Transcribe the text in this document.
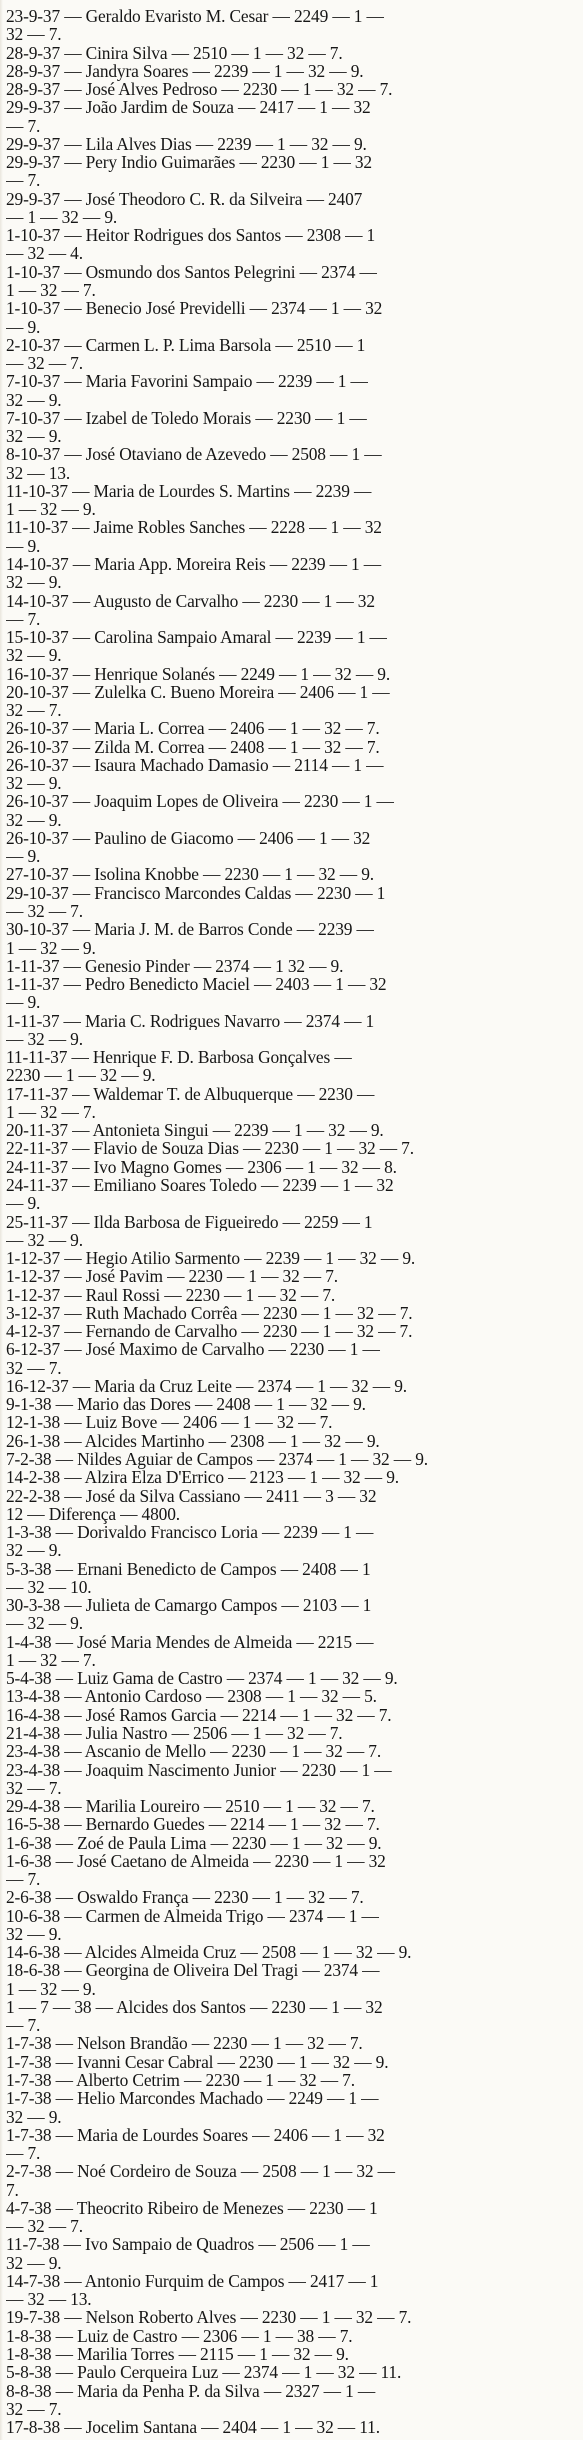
23-9-37 — Geraldo Evaristo M. Cesar — 2249 — 1 —
32 — 7.
28-9-37 — Cinira Silva — 2510 — 1 — 32 — 7.
28-9-37 — Jandyra Soares — 2239 — 1 — 32 — 9.
28-9-37 — José Alves Pedroso — 2230 — 1 — 32 — 7.
29-9-37 — João Jardim de Souza — 2417 — 1 — 32
— 7.
29-9-37 — Lila Alves Dias — 2239 — 1 — 32 — 9.
29-9-37 — Pery Indio Guimarães — 2230 — 1 — 32
— 7.
29-9-37 — José Theodoro C. R. da Silveira — 2407
— 1 — 32 — 9.
1-10-37 — Heitor Rodrigues dos Santos — 2308 — 1
— 32 — 4.
1-10-37 — Osmundo dos Santos Pelegrini — 2374 —
1 — 32 — 7.
1-10-37 — Benecio José Previdelli — 2374 — 1 — 32
— 9.
2-10-37 — Carmen L. P. Lima Barsola — 2510 — 1
— 32 — 7.
7-10-37 — Maria Favorini Sampaio — 2239 — 1 —
32 — 9.
7-10-37 — Izabel de Toledo Morais — 2230 — 1 —
32 — 9.
8-10-37 — José Otaviano de Azevedo — 2508 — 1 —
32 — 13.
11-10-37 — Maria de Lourdes S. Martins — 2239 —
1 — 32 — 9.
11-10-37 — Jaime Robles Sanches — 2228 — 1 — 32
— 9.
14-10-37 — Maria App. Moreira Reis — 2239 — 1 —
32 — 9.
14-10-37 — Augusto de Carvalho — 2230 — 1 — 32
— 7.
15-10-37 — Carolina Sampaio Amaral — 2239 — 1 —
32 — 9.
16-10-37 — Henrique Solanés — 2249 — 1 — 32 — 9.
20-10-37 — Zulelka C. Bueno Moreira — 2406 — 1 —
32 — 7.
26-10-37 — Maria L. Correa — 2406 — 1 — 32 — 7.
26-10-37 — Zilda M. Correa — 2408 — 1 — 32 — 7.
26-10-37 — Isaura Machado Damasio — 2114 — 1 —
32 — 9.
26-10-37 — Joaquim Lopes de Oliveira — 2230 — 1 —
32 — 9.
26-10-37 — Paulino de Giacomo — 2406 — 1 — 32
— 9.
27-10-37 — Isolina Knobbe — 2230 — 1 — 32 — 9.
29-10-37 — Francisco Marcondes Caldas — 2230 — 1
— 32 — 7.
30-10-37 — Maria J. M. de Barros Conde — 2239 —
1 — 32 — 9.
1-11-37 — Genesio Pinder — 2374 — 1 32 — 9.
1-11-37 — Pedro Benedicto Maciel — 2403 — 1 — 32
— 9.
1-11-37 — Maria C. Rodrigues Navarro — 2374 — 1
— 32 — 9.
11-11-37 — Henrique F. D. Barbosa Gonçalves —
2230 — 1 — 32 — 9.
17-11-37 — Waldemar T. de Albuquerque — 2230 —
1 — 32 — 7.
20-11-37 — Antonieta Singui — 2239 — 1 — 32 — 9.
22-11-37 — Flavio de Souza Dias — 2230 — 1 — 32 — 7.
24-11-37 — Ivo Magno Gomes — 2306 — 1 — 32 — 8.
24-11-37 — Emiliano Soares Toledo — 2239 — 1 — 32
— 9.
25-11-37 — Ilda Barbosa de Figueiredo — 2259 — 1
— 32 — 9.
1-12-37 — Hegio Atilio Sarmento — 2239 — 1 — 32 — 9.
1-12-37 — José Pavim — 2230 — 1 — 32 — 7.
1-12-37 — Raul Rossi — 2230 — 1 — 32 — 7.
3-12-37 — Ruth Machado Corrêa — 2230 — 1 — 32 — 7.
4-12-37 — Fernando de Carvalho — 2230 — 1 — 32 — 7.
6-12-37 — José Maximo de Carvalho — 2230 — 1 —
32 — 7.
16-12-37 — Maria da Cruz Leite — 2374 — 1 — 32 — 9.
9-1-38 — Mario das Dores — 2408 — 1 — 32 — 9.
12-1-38 — Luiz Bove — 2406 — 1 — 32 — 7.
26-1-38 — Alcides Martinho — 2308 — 1 — 32 — 9.
7-2-38 — Nildes Aguiar de Campos — 2374 — 1 — 32 — 9.
14-2-38 — Alzira Elza D'Errico — 2123 — 1 — 32 — 9.
22-2-38 — José da Silva Cassiano — 2411 — 3 — 32
12 — Diferença — 4800.
1-3-38 — Dorivaldo Francisco Loria — 2239 — 1 —
32 — 9.
5-3-38 — Ernani Benedicto de Campos — 2408 — 1
— 32 — 10.
30-3-38 — Julieta de Camargo Campos — 2103 — 1
— 32 — 9.
1-4-38 — José Maria Mendes de Almeida — 2215 —
1 — 32 — 7.
5-4-38 — Luiz Gama de Castro — 2374 — 1 — 32 — 9.
13-4-38 — Antonio Cardoso — 2308 — 1 — 32 — 5.
16-4-38 — José Ramos Garcia — 2214 — 1 — 32 — 7.
21-4-38 — Julia Nastro — 2506 — 1 — 32 — 7.
23-4-38 — Ascanio de Mello — 2230 — 1 — 32 — 7.
23-4-38 — Joaquim Nascimento Junior — 2230 — 1 —
32 — 7.
29-4-38 — Marilia Loureiro — 2510 — 1 — 32 — 7.
16-5-38 — Bernardo Guedes — 2214 — 1 — 32 — 7.
1-6-38 — Zoé de Paula Lima — 2230 — 1 — 32 — 9.
1-6-38 — José Caetano de Almeida — 2230 — 1 — 32
— 7.
2-6-38 — Oswaldo França — 2230 — 1 — 32 — 7.
10-6-38 — Carmen de Almeida Trigo — 2374 — 1 —
32 — 9.
14-6-38 — Alcides Almeida Cruz — 2508 — 1 — 32 — 9.
18-6-38 — Georgina de Oliveira Del Tragi — 2374 —
1 — 32 — 9.
1 — 7 — 38 — Alcides dos Santos — 2230 — 1 — 32
— 7.
1-7-38 — Nelson Brandão — 2230 — 1 — 32 — 7.
1-7-38 — Ivanni Cesar Cabral — 2230 — 1 — 32 — 9.
1-7-38 — Alberto Cetrim — 2230 — 1 — 32 — 7.
1-7-38 — Helio Marcondes Machado — 2249 — 1 —
32 — 9.
1-7-38 — Maria de Lourdes Soares — 2406 — 1 — 32
— 7.
2-7-38 — Noé Cordeiro de Souza — 2508 — 1 — 32 —
7.
4-7-38 — Theocrito Ribeiro de Menezes — 2230 — 1
— 32 — 7.
11-7-38 — Ivo Sampaio de Quadros — 2506 — 1 —
32 — 9.
14-7-38 — Antonio Furquim de Campos — 2417 — 1
— 32 — 13.
19-7-38 — Nelson Roberto Alves — 2230 — 1 — 32 — 7.
1-8-38 — Luiz de Castro — 2306 — 1 — 38 — 7.
1-8-38 — Marilia Torres — 2115 — 1 — 32 — 9.
5-8-38 — Paulo Cerqueira Luz — 2374 — 1 — 32 — 11.
8-8-38 — Maria da Penha P. da Silva — 2327 — 1 —
32 — 7.
17-8-38 — Jocelim Santana — 2404 — 1 — 32 — 11.
